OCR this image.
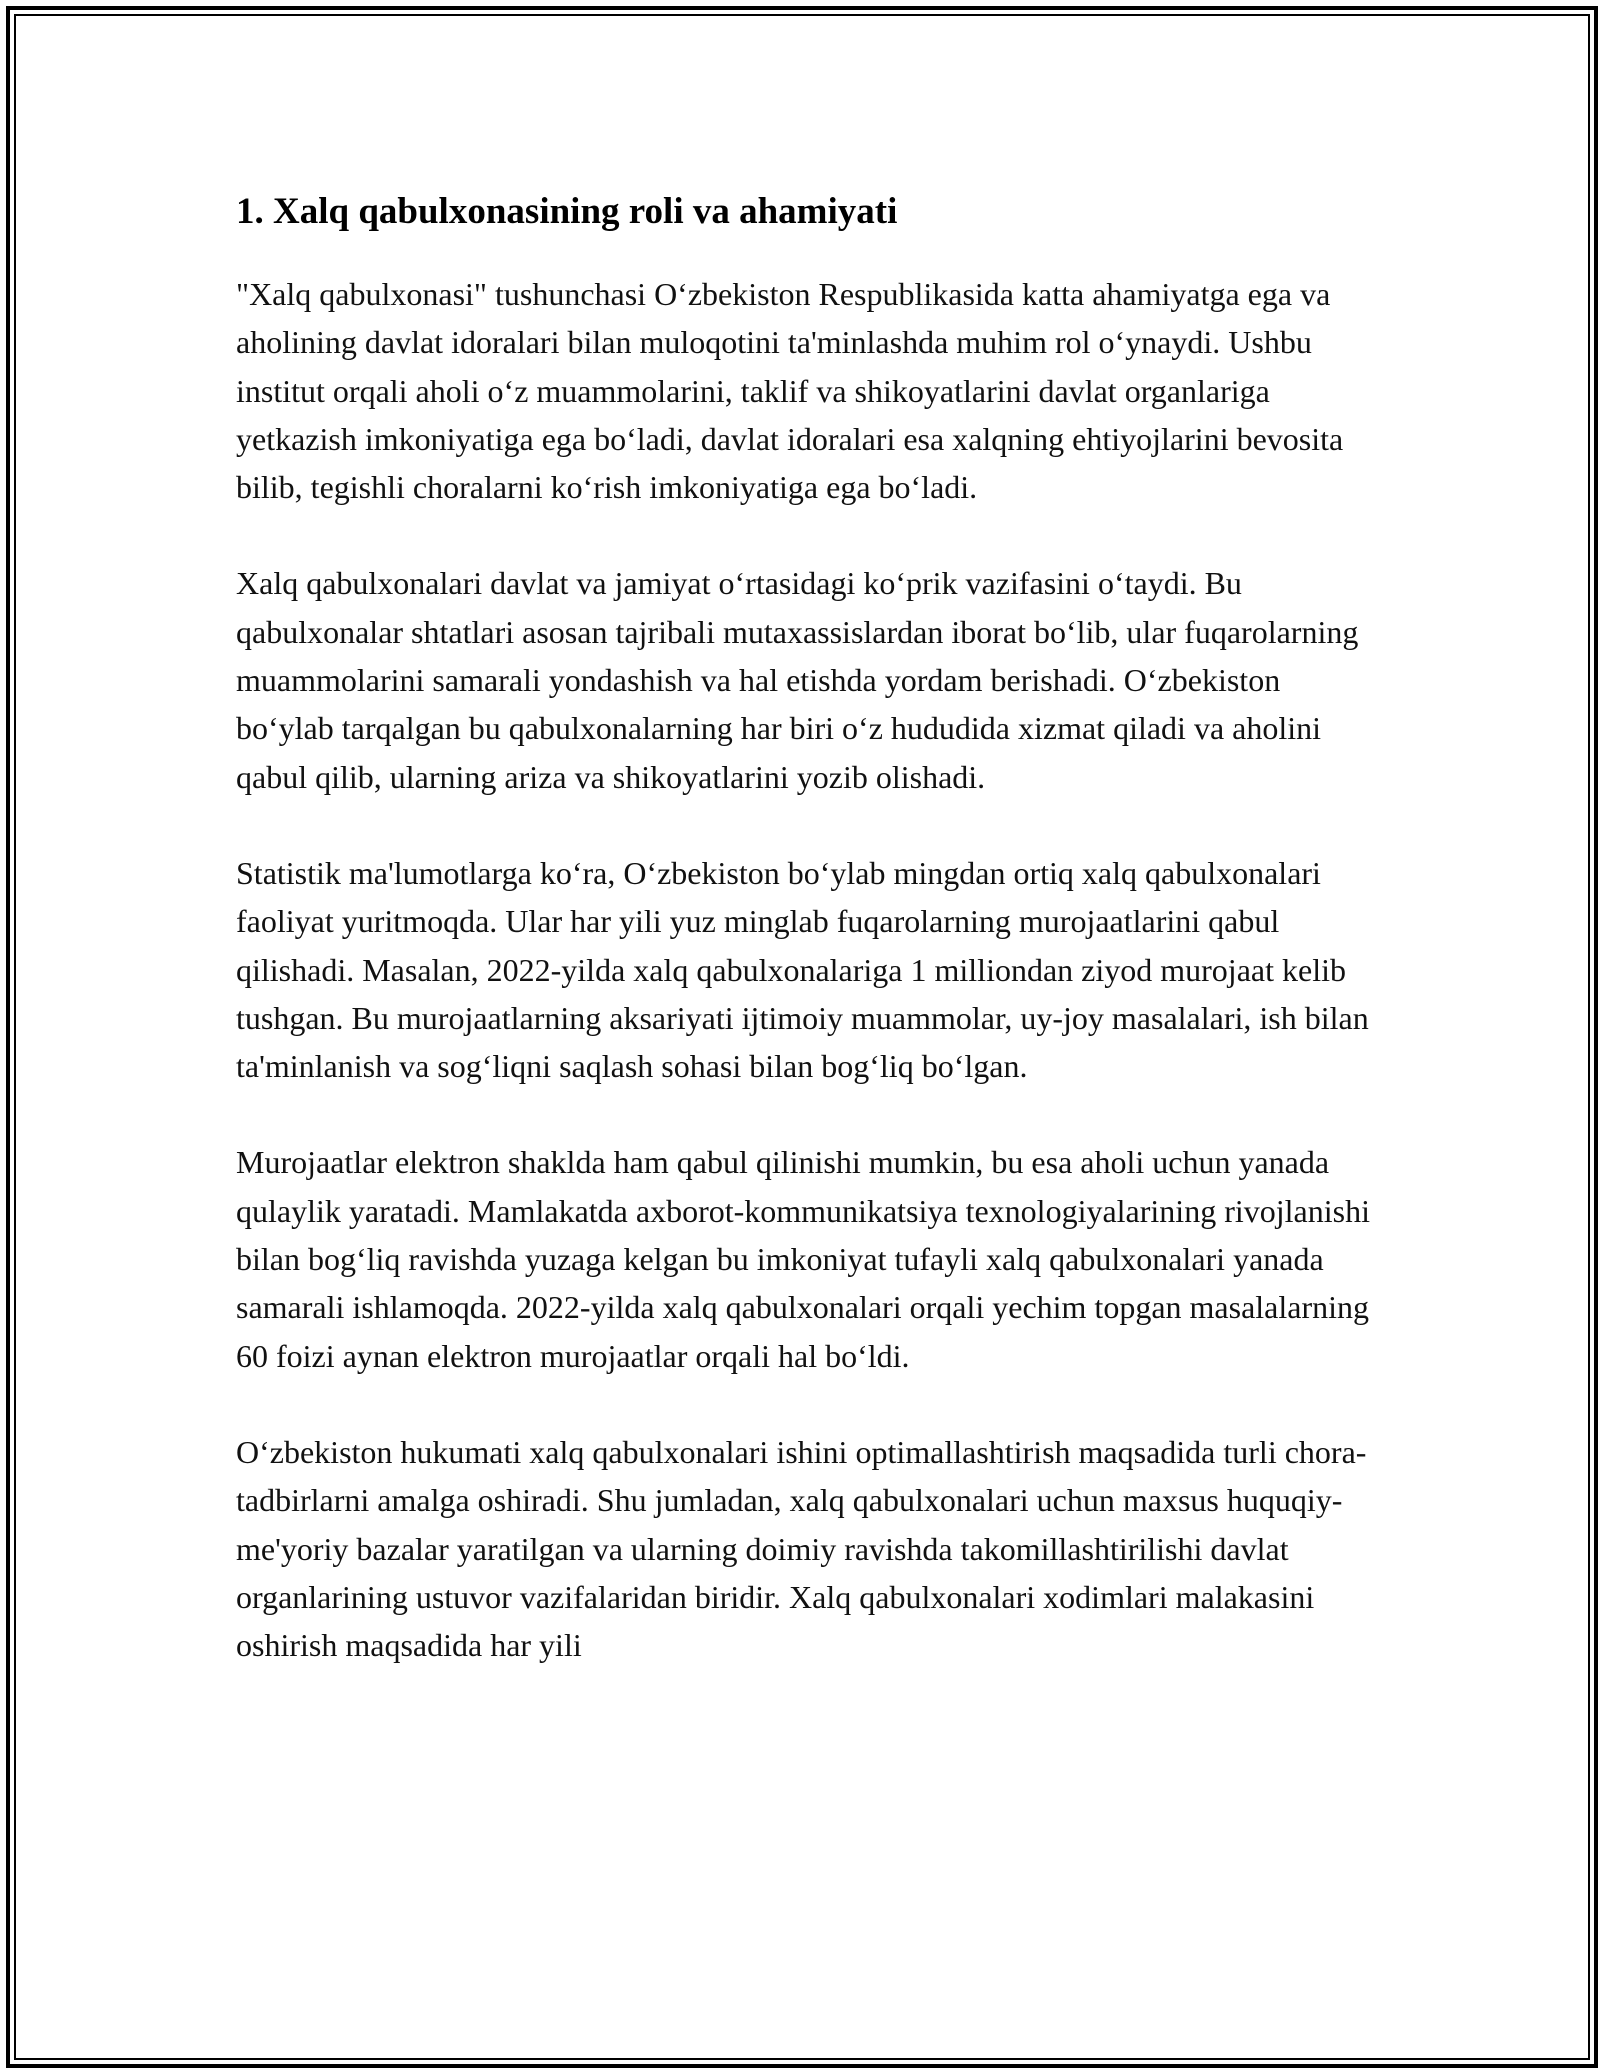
1. Xalq qabulxonasining roli va ahamiyati

"Xalq qabulxonasi" tushunchasi O‘zbekiston Respublikasida katta ahamiyatga ega va aholining davlat idoralari bilan muloqotini ta'minlashda muhim rol o‘ynaydi. Ushbu institut orqali aholi o‘z muammolarini, taklif va shikoyatlarini davlat organlariga yetkazish imkoniyatiga ega bo‘ladi, davlat idoralari esa xalqning ehtiyojlarini bevosita bilib, tegishli choralarni ko‘rish imkoniyatiga ega bo‘ladi.

Xalq qabulxonalari davlat va jamiyat o‘rtasidagi ko‘prik vazifasini o‘taydi. Bu qabulxonalar shtatlari asosan tajribali mutaxassislardan iborat bo‘lib, ular fuqarolarning muammolarini samarali yondashish va hal etishda yordam berishadi. O‘zbekiston bo‘ylab tarqalgan bu qabulxonalarning har biri o‘z hududida xizmat qiladi va aholini qabul qilib, ularning ariza va shikoyatlarini yozib olishadi.

Statistik ma'lumotlarga ko‘ra, O‘zbekiston bo‘ylab mingdan ortiq xalq qabulxonalari faoliyat yuritmoqda. Ular har yili yuz minglab fuqarolarning murojaatlarini qabul qilishadi. Masalan, 2022-yilda xalq qabulxonalariga 1 milliondan ziyod murojaat kelib tushgan. Bu murojaatlarning aksariyati ijtimoiy muammolar, uy-joy masalalari, ish bilan ta'minlanish va sog‘liqni saqlash sohasi bilan bog‘liq bo‘lgan.

Murojaatlar elektron shaklda ham qabul qilinishi mumkin, bu esa aholi uchun yanada qulaylik yaratadi. Mamlakatda axborot-kommunikatsiya texnologiyalarining rivojlanishi bilan bog‘liq ravishda yuzaga kelgan bu imkoniyat tufayli xalq qabulxonalari yanada samarali ishlamoqda. 2022-yilda xalq qabulxonalari orqali yechim topgan masalalarning 60 foizi aynan elektron murojaatlar orqali hal bo‘ldi.

O‘zbekiston hukumati xalq qabulxonalari ishini optimallashtirish maqsadida turli chora-tadbirlarni amalga oshiradi. Shu jumladan, xalq qabulxonalari uchun maxsus huquqiy-me'yoriy bazalar yaratilgan va ularning doimiy ravishda takomillashtirilishi davlat organlarining ustuvor vazifalaridan biridir. Xalq qabulxonalari xodimlari malakasini oshirish maqsadida har yili
